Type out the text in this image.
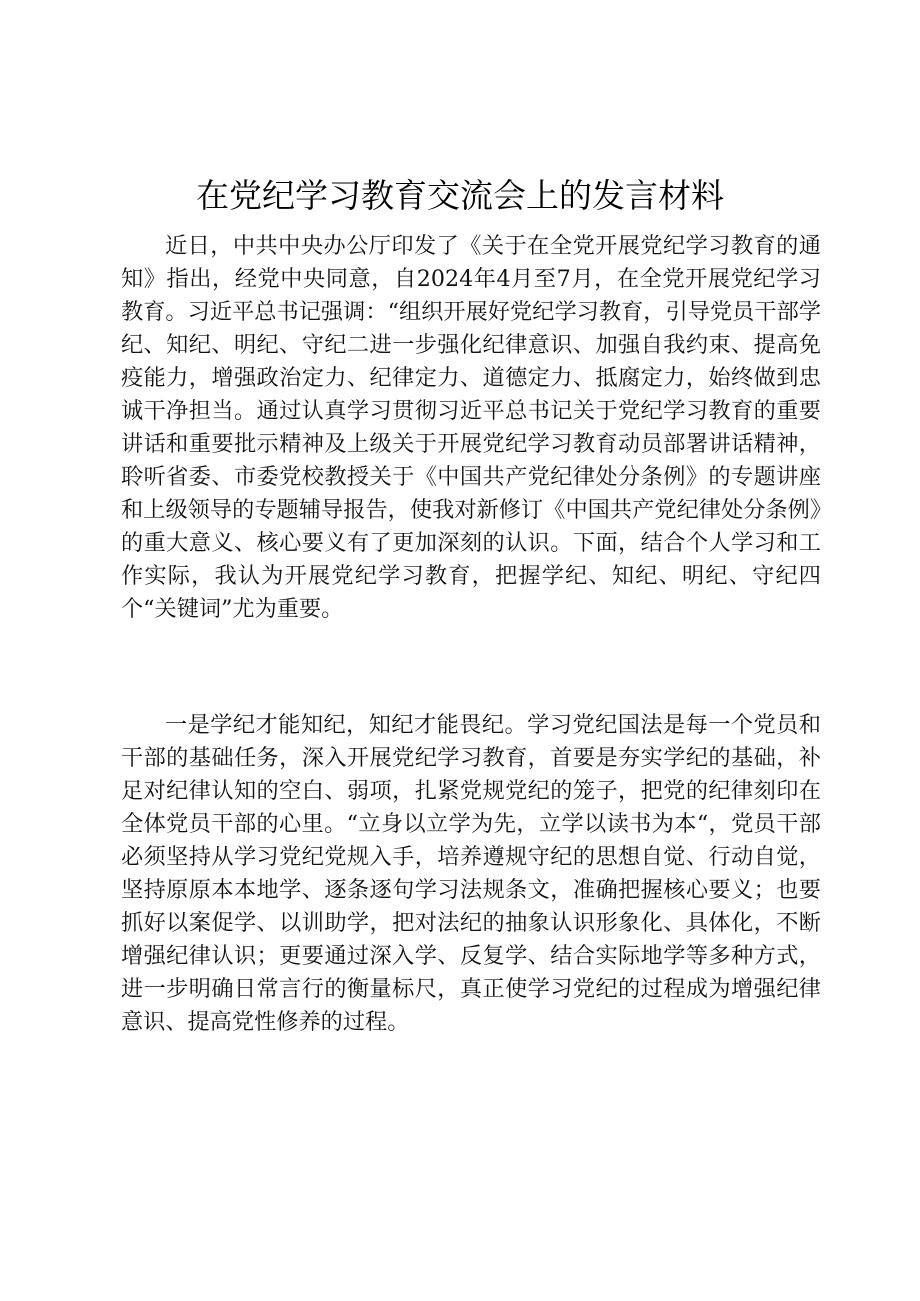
在党纪学习教育交流会上的发言材料

近日，中共中央办公厅印发了《关于在全党开展党纪学习教育的通知》指出，经党中央同意，自2024年4月至7月，在全党开展党纪学习教育。习近平总书记强调：“组织开展好党纪学习教育，引导党员干部学纪、知纪、明纪、守纪二进一步强化纪律意识、加强自我约束、提高免疫能力，增强政治定力、纪律定力、道德定力、抵腐定力，始终做到忠诚干净担当。通过认真学习贯彻习近平总书记关于党纪学习教育的重要讲话和重要批示精神及上级关于开展党纪学习教育动员部署讲话精神，聆听省委、市委党校教授关于《中国共产党纪律处分条例》的专题讲座和上级领导的专题辅导报告，使我对新修订《中国共产党纪律处分条例》的重大意义、核心要义有了更加深刻的认识。下面，结合个人学习和工作实际，我认为开展党纪学习教育，把握学纪、知纪、明纪、守纪四个“关键词”尤为重要。

一是学纪才能知纪，知纪才能畏纪。学习党纪国法是每一个党员和干部的基础任务，深入开展党纪学习教育，首要是夯实学纪的基础，补足对纪律认知的空白、弱项，扎紧党规党纪的笼子，把党的纪律刻印在全体党员干部的心里。“立身以立学为先，立学以读书为本“，党员干部必须坚持从学习党纪党规入手，培养遵规守纪的思想自觉、行动自觉，坚持原原本本地学、逐条逐句学习法规条文，准确把握核心要义；也要抓好以案促学、以训助学，把对法纪的抽象认识形象化、具体化，不断增强纪律认识；更要通过深入学、反复学、结合实际地学等多种方式，进一步明确日常言行的衡量标尺，真正使学习党纪的过程成为增强纪律意识、提高党性修养的过程。
